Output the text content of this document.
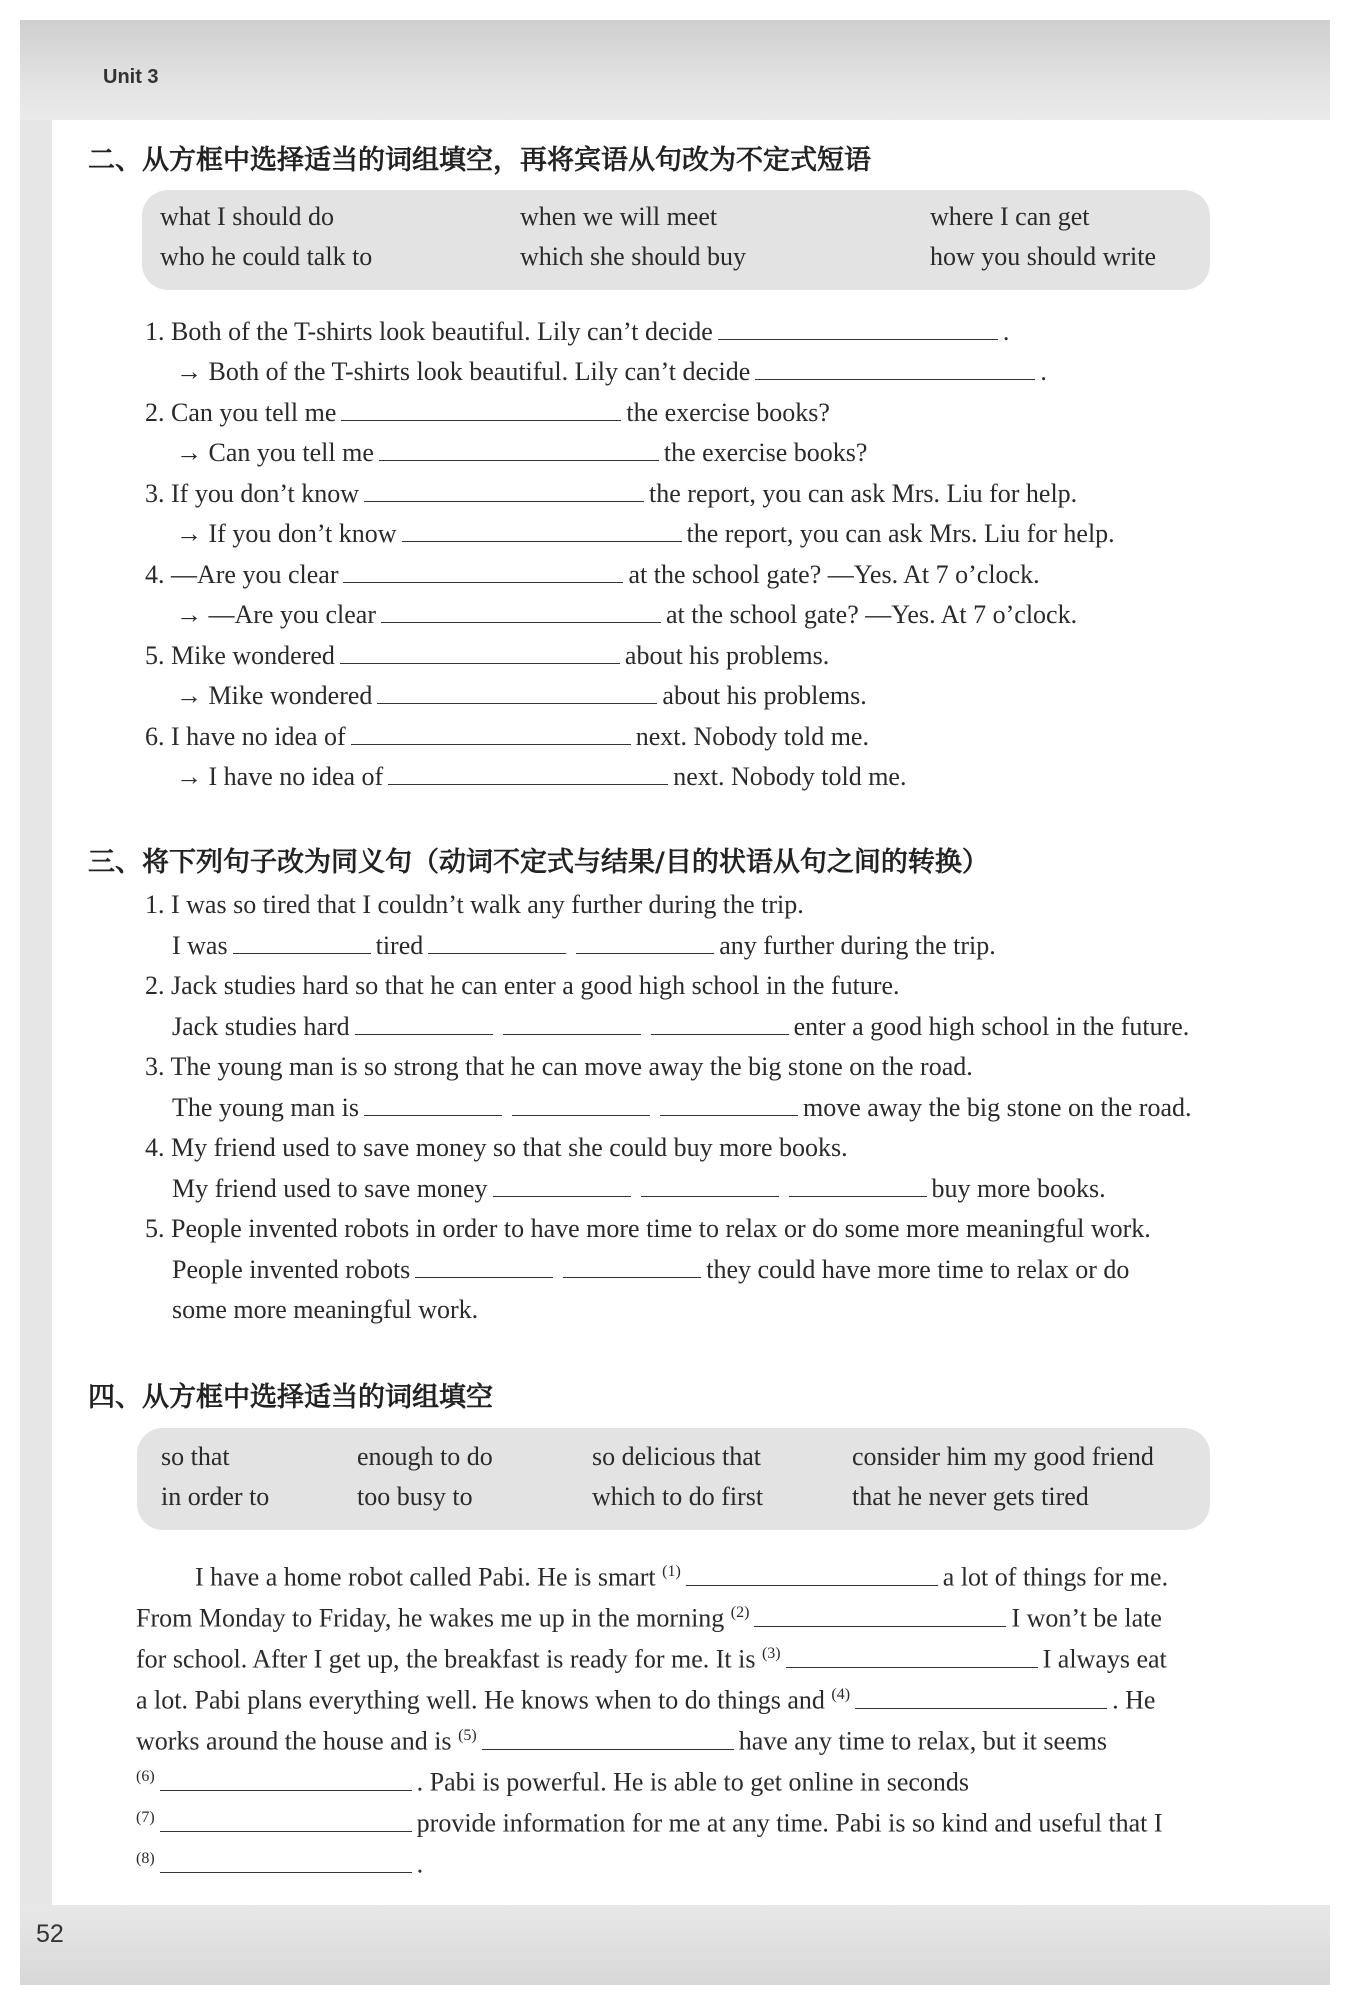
Unit 3
52
二、从方框中选择适当的词组填空，再将宾语从句改为不定式短语
what I should do	when we will meet	where I can get
who he could talk to	which she should buy	how you should write
1. Both of the T-shirts look beautiful. Lily can’t decide	.
→ Both of the T-shirts look beautiful. Lily can’t decide	.
2. Can you tell me	the exercise books?
→ Can you tell me	the exercise books?
3. If you don’t know	the report, you can ask Mrs. Liu for help.
→ If you don’t know	the report, you can ask Mrs. Liu for help.
4. —Are you clear	at the school gate? —Yes. At 7 o’clock.
→ —Are you clear	at the school gate? —Yes. At 7 o’clock.
5. Mike wondered	about his problems.
→ Mike wondered	about his problems.
6. I have no idea of	next. Nobody told me.
→ I have no idea of	next. Nobody told me.
三、将下列句子改为同义句（动词不定式与结果/目的状语从句之间的转换）
1. I was so tired that I couldn’t walk any further during the trip.
I was	tired	any further during the trip.
2. Jack studies hard so that he can enter a good high school in the future.
Jack studies hard	enter a good high school in the future.
3. The young man is so strong that he can move away the big stone on the road.
The young man is	move away the big stone on the road.
4. My friend used to save money so that she could buy more books.
My friend used to save money	buy more books.
5. People invented robots in order to have more time to relax or do some more meaningful work.
People invented robots	they could have more time to relax or do
some more meaningful work.
四、从方框中选择适当的词组填空
so that	enough to do	so delicious that	consider him my good friend
in order to	too busy to	which to do first	that he never gets tired
I have a home robot called Pabi. He is smart $^{(1)}$	a lot of things for me.
From Monday to Friday, he wakes me up in the morning $^{(2)}$	I won’t be late
for school. After I get up, the breakfast is ready for me. It is $^{(3)}$	I always eat
a lot. Pabi plans everything well. He knows when to do things and $^{(4)}$	. He
works around the house and is $^{(5)}$	have any time to relax, but it seems
$^{(6)}$	. Pabi is powerful. He is able to get online in seconds
$^{(7)}$	provide information for me at any time. Pabi is so kind and useful that I
$^{(8)}$	.
